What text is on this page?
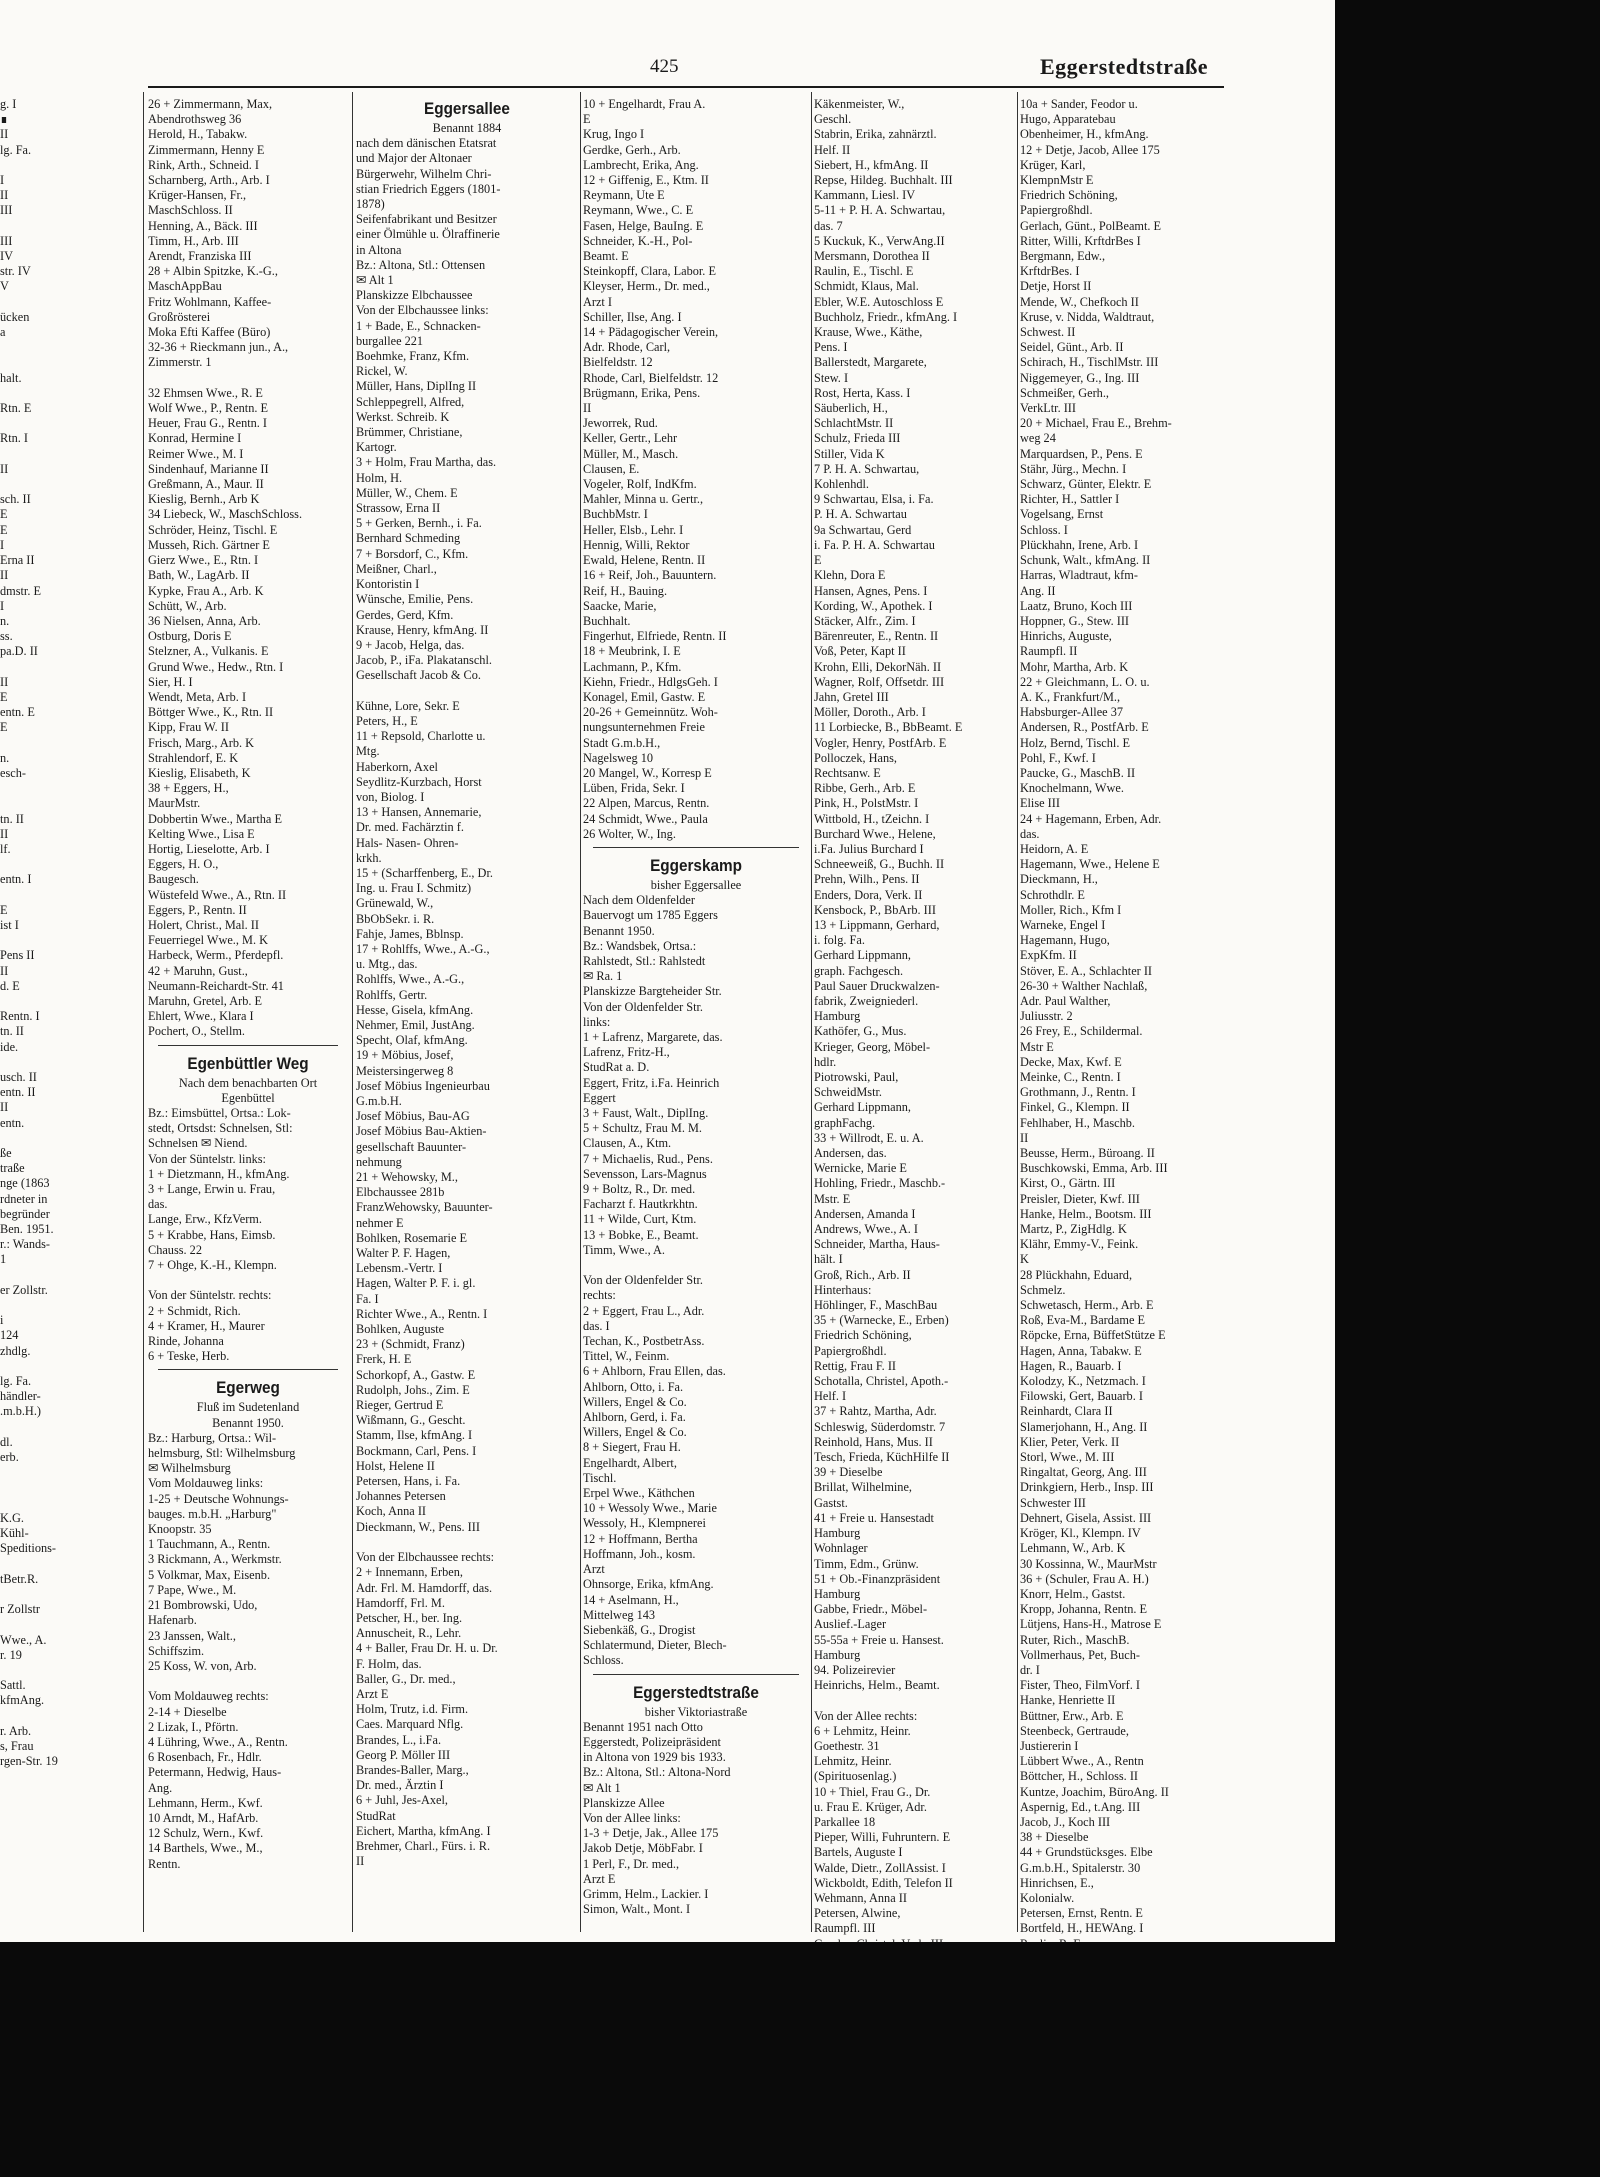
425	Eggerstedtstraße
g. I
∎
II
lg. Fa.

I
II
III

III
IV
str. IV
V

ücken
a

halt.

Rtn. E

Rtn. I

II

sch. II
E
E
I
Erna II
II
dmstr. E
I
n.
ss.
pa.D. II

II
E
entn. E
E

n.
esch-

tn. II
II
lf.

entn. I

E
ist I

Pens II
II
d. E

Rentn. I
tn. II
ide.

usch. II
entn. II
II
entn.

ße
traße
nge (1863
rdneter in
begründer
Ben. 1951.
r.: Wands-
1

er Zollstr.

i
124
zhdlg.

lg. Fa.
händler-
.m.b.H.)

dl.
erb.

K.G.
Kühl-
Speditions-

tBetr.R.

r Zollstr

Wwe., A.
r. 19

Sattl.
kfmAng.

r. Arb.
s, Frau
rgen-Str. 19
26 + Zimmermann, Max,
Abendrothsweg 36
Herold, H., Tabakw.
Zimmermann, Henny E
Rink, Arth., Schneid. I
Scharnberg, Arth., Arb. I
Krüger-Hansen, Fr.,
MaschSchloss. II
Henning, A., Bäck. III
Timm, H., Arb. III
Arendt, Franziska III
28 + Albin Spitzke, K.-G.,
MaschAppBau
Fritz Wohlmann, Kaffee-
Großrösterei
Moka Efti Kaffee (Büro)
32-36 + Rieckmann jun., A.,
Zimmerstr. 1

32 Ehmsen Wwe., R. E
Wolf Wwe., P., Rentn. E
Heuer, Frau G., Rentn. I
Konrad, Hermine I
Reimer Wwe., M. I
Sindenhauf, Marianne II
Greßmann, A., Maur. II
Kieslig, Bernh., Arb K
34 Liebeck, W., MaschSchloss.
Schröder, Heinz, Tischl. E
Musseh, Rich. Gärtner E
Gierz Wwe., E., Rtn. I
Bath, W., LagArb. II
Kypke, Frau A., Arb. K
Schütt, W., Arb.
36 Nielsen, Anna, Arb.
Ostburg, Doris E
Stelzner, A., Vulkanis. E
Grund Wwe., Hedw., Rtn. I
Sier, H. I
Wendt, Meta, Arb. I
Böttger Wwe., K., Rtn. II
Kipp, Frau W. II
Frisch, Marg., Arb. K
Strahlendorf, E. K
Kieslig, Elisabeth, K
38 + Eggers, H.,
MaurMstr.
Dobbertin Wwe., Martha E
Kelting Wwe., Lisa E
Hortig, Lieselotte, Arb. I
Eggers, H. O.,
Baugesch.
Wüstefeld Wwe., A., Rtn. II
Eggers, P., Rentn. II
Holert, Christ., Mal. II
Feuerriegel Wwe., M. K
Harbeck, Werm., Pferdepfl.
42 + Maruhn, Gust.,
Neumann-Reichardt-Str. 41
Maruhn, Gretel, Arb. E
Ehlert, Wwe., Klara I
Pochert, O., Stellm.
Egenbüttler Weg
Nach dem benachbarten Ort
Egenbüttel
Bz.: Eimsbüttel, Ortsa.: Lok-
stedt, Ortsdst: Schnelsen, Stl:
Schnelsen ✉ Niend.
Von der Süntelstr. links:
1 + Dietzmann, H., kfmAng.
3 + Lange, Erwin u. Frau,
das.
Lange, Erw., KfzVerm.
5 + Krabbe, Hans, Eimsb.
Chauss. 22
7 + Ohge, K.-H., Klempn.

Von der Süntelstr. rechts:
2 + Schmidt, Rich.
4 + Kramer, H., Maurer
Rinde, Johanna
6 + Teske, Herb.
Egerweg
Fluß im Sudetenland
Benannt 1950.
Bz.: Harburg, Ortsa.: Wil-
helmsburg, Stl: Wilhelmsburg
✉ Wilhelmsburg
Vom Moldauweg links:
1-25 + Deutsche Wohnungs-
bauges. m.b.H. „Harburg"
Knoopstr. 35
1 Tauchmann, A., Rentn.
3 Rickmann, A., Werkmstr.
5 Volkmar, Max, Eisenb.
7 Pape, Wwe., M.
21 Bombrowski, Udo,
Hafenarb.
23 Janssen, Walt.,
Schiffszim.
25 Koss, W. von, Arb.

Vom Moldauweg rechts:
2-14 + Dieselbe
2 Lizak, I., Pförtn.
4 Lühring, Wwe., A., Rentn.
6 Rosenbach, Fr., Hdlr.
Petermann, Hedwig, Haus-
Ang.
Lehmann, Herm., Kwf.
10 Arndt, M., HafArb.
12 Schulz, Wern., Kwf.
14 Barthels, Wwe., M.,
Rentn.
Eggersallee
Benannt 1884
nach dem dänischen Etatsrat
und Major der Altonaer
Bürgerwehr, Wilhelm Chri-
stian Friedrich Eggers (1801-
1878)
Seifenfabrikant und Besitzer
einer Ölmühle u. Ölraffinerie
in Altona
Bz.: Altona, Stl.: Ottensen
✉ Alt 1
Planskizze Elbchaussee
Von der Elbchaussee links:
1 + Bade, E., Schnacken-
burgallee 221
Boehmke, Franz, Kfm.
Rickel, W.
Müller, Hans, DiplIng II
Schleppegrell, Alfred,
Werkst. Schreib. K
Brümmer, Christiane,
Kartogr.
3 + Holm, Frau Martha, das.
Holm, H.
Müller, W., Chem. E
Strassow, Erna II
5 + Gerken, Bernh., i. Fa.
Bernhard Schmeding
7 + Borsdorf, C., Kfm.
Meißner, Charl.,
Kontoristin I
Wünsche, Emilie, Pens.
Gerdes, Gerd, Kfm.
Krause, Henry, kfmAng. II
9 + Jacob, Helga, das.
Jacob, P., iFa. Plakatanschl.
Gesellschaft Jacob & Co.

Kühne, Lore, Sekr. E
Peters, H., E
11 + Repsold, Charlotte u.
Mtg.
Haberkorn, Axel
Seydlitz-Kurzbach, Horst
von, Biolog. I
13 + Hansen, Annemarie,
Dr. med. Fachärztin f.
Hals- Nasen- Ohren-
krkh.
15 + (Scharffenberg, E., Dr.
Ing. u. Frau I. Schmitz)
Grünewald, W.,
BbObSekr. i. R.
Fahje, James, Bblnsp.
17 + Rohlffs, Wwe., A.-G.,
u. Mtg., das.
Rohlffs, Wwe., A.-G.,
Rohlffs, Gertr.
Hesse, Gisela, kfmAng.
Nehmer, Emil, JustAng.
Specht, Olaf, kfmAng.
19 + Möbius, Josef,
Meistersingerweg 8
Josef Möbius Ingenieurbau
G.m.b.H.
Josef Möbius, Bau-AG
Josef Möbius Bau-Aktien-
gesellschaft Bauunter-
nehmung
21 + Wehowsky, M.,
Elbchaussee 281b
FranzWehowsky, Bauunter-
nehmer E
Bohlken, Rosemarie E
Walter P. F. Hagen,
Lebensm.-Vertr. I
Hagen, Walter P. F. i. gl.
Fa. I
Richter Wwe., A., Rentn. I
Bohlken, Auguste
23 + (Schmidt, Franz)
Frerk, H. E
Schorkopf, A., Gastw. E
Rudolph, Johs., Zim. E
Rieger, Gertrud E
Wißmann, G., Gescht.
Stamm, Ilse, kfmAng. I
Bockmann, Carl, Pens. I
Holst, Helene II
Petersen, Hans, i. Fa.
Johannes Petersen
Koch, Anna II
Dieckmann, W., Pens. III

Von der Elbchaussee rechts:
2 + Innemann, Erben,
Adr. Frl. M. Hamdorff, das.
Hamdorff, Frl. M.
Petscher, H., ber. Ing.
Annuscheit, R., Lehr.
4 + Baller, Frau Dr. H. u. Dr.
F. Holm, das.
Baller, G., Dr. med.,
Arzt E
Holm, Trutz, i.d. Firm.
Caes. Marquard Nflg.
Brandes, L., i.Fa.
Georg P. Möller III
Brandes-Baller, Marg.,
Dr. med., Ärztin I
6 + Juhl, Jes-Axel,
StudRat
Eichert, Martha, kfmAng. I
Brehmer, Charl., Fürs. i. R.
II
10 + Engelhardt, Frau A.
E
Krug, Ingo I
Gerdke, Gerh., Arb.
Lambrecht, Erika, Ang.
12 + Giffenig, E., Ktm. II
Reymann, Ute E
Reymann, Wwe., C. E
Fasen, Helge, BauIng. E
Schneider, K.-H., Pol-
Beamt. E
Steinkopff, Clara, Labor. E
Kleyser, Herm., Dr. med.,
Arzt I
Schiller, Ilse, Ang. I
14 + Pädagogischer Verein,
Adr. Rhode, Carl,
Bielfeldstr. 12
Rhode, Carl, Bielfeldstr. 12
Brügmann, Erika, Pens.
II
Jeworrek, Rud.
Keller, Gertr., Lehr
Müller, M., Masch.
Clausen, E.
Vogeler, Rolf, IndKfm.
Mahler, Minna u. Gertr.,
BuchbMstr. I
Heller, Elsb., Lehr. I
Hennig, Willi, Rektor
Ewald, Helene, Rentn. II
16 + Reif, Joh., Bauuntern.
Reif, H., Bauing.
Saacke, Marie,
Buchhalt.
Fingerhut, Elfriede, Rentn. II
18 + Meubrink, I. E
Lachmann, P., Kfm.
Kiehn, Friedr., HdlgsGeh. I
Konagel, Emil, Gastw. E
20-26 + Gemeinnütz. Woh-
nungsunternehmen Freie
Stadt G.m.b.H.,
Nagelsweg 10
20 Mangel, W., Korresp E
Lüben, Frida, Sekr. I
22 Alpen, Marcus, Rentn.
24 Schmidt, Wwe., Paula
26 Wolter, W., Ing.
Eggerskamp
bisher Eggersallee
Nach dem Oldenfelder
Bauervogt um 1785 Eggers
Benannt 1950.
Bz.: Wandsbek, Ortsa.:
Rahlstedt, Stl.: Rahlstedt
✉ Ra. 1
Planskizze Bargteheider Str.
Von der Oldenfelder Str.
links:
1 + Lafrenz, Margarete, das.
Lafrenz, Fritz-H.,
StudRat a. D.
Eggert, Fritz, i.Fa. Heinrich
Eggert
3 + Faust, Walt., DiplIng.
5 + Schultz, Frau M. M.
Clausen, A., Ktm.
7 + Michaelis, Rud., Pens.
Sevensson, Lars-Magnus
9 + Boltz, R., Dr. med.
Facharzt f. Hautkrkhtn.
11 + Wilde, Curt, Ktm.
13 + Bobke, E., Beamt.
Timm, Wwe., A.

Von der Oldenfelder Str.
rechts:
2 + Eggert, Frau L., Adr.
das. I
Techan, K., PostbetrAss.
Tittel, W., Feinm.
6 + Ahlborn, Frau Ellen, das.
Ahlborn, Otto, i. Fa.
Willers, Engel & Co.
Ahlborn, Gerd, i. Fa.
Willers, Engel & Co.
8 + Siegert, Frau H.
Engelhardt, Albert,
Tischl.
Erpel Wwe., Käthchen
10 + Wessoly Wwe., Marie
Wessoly, H., Klempnerei
12 + Hoffmann, Bertha
Hoffmann, Joh., kosm.
Arzt
Ohnsorge, Erika, kfmAng.
14 + Aselmann, H.,
Mittelweg 143
Siebenkäß, G., Drogist
Schlatermund, Dieter, Blech-
Schloss.
Eggerstedtstraße
bisher Viktoriastraße
Benannt 1951 nach Otto
Eggerstedt, Polizeipräsident
in Altona von 1929 bis 1933.
Bz.: Altona, Stl.: Altona-Nord
✉ Alt 1
Planskizze Allee
Von der Allee links:
1-3 + Detje, Jak., Allee 175
Jakob Detje, MöbFabr. I
1 Perl, F., Dr. med.,
Arzt E
Grimm, Helm., Lackier. I
Simon, Walt., Mont. I
Käkenmeister, W.,
Geschl.
Stabrin, Erika, zahnärztl.
Helf. II
Siebert, H., kfmAng. II
Repse, Hildeg. Buchhalt. III
Kammann, Liesl. IV
5-11 + P. H. A. Schwartau,
das. 7
5 Kuckuk, K., VerwAng.II
Mersmann, Dorothea II
Raulin, E., Tischl. E
Schmidt, Klaus, Mal.
Ebler, W.E. Autoschloss E
Buchholz, Friedr., kfmAng. I
Krause, Wwe., Käthe,
Pens. I
Ballerstedt, Margarete,
Stew. I
Rost, Herta, Kass. I
Säuberlich, H.,
SchlachtMstr. II
Schulz, Frieda III
Stiller, Vida K
7 P. H. A. Schwartau,
Kohlenhdl.
9 Schwartau, Elsa, i. Fa.
P. H. A. Schwartau
9a Schwartau, Gerd
i. Fa. P. H. A. Schwartau
E
Klehn, Dora E
Hansen, Agnes, Pens. I
Kording, W., Apothek. I
Stäcker, Alfr., Zim. I
Bärenreuter, E., Rentn. II
Voß, Peter, Kapt II
Krohn, Elli, DekorNäh. II
Wagner, Rolf, Offsetdr. III
Jahn, Gretel III
Möller, Doroth., Arb. I
11 Lorbiecke, B., BbBeamt. E
Vogler, Henry, PostfArb. E
Polloczek, Hans,
Rechtsanw. E
Ribbe, Gerh., Arb. E
Pink, H., PolstMstr. I
Wittbold, H., tZeichn. I
Burchard Wwe., Helene,
i.Fa. Julius Burchard I
Schneeweiß, G., Buchh. II
Prehn, Wilh., Pens. II
Enders, Dora, Verk. II
Kensbock, P., BbArb. III
13 + Lippmann, Gerhard,
i. folg. Fa.
Gerhard Lippmann,
graph. Fachgesch.
Paul Sauer Druckwalzen-
fabrik, Zweigniederl.
Hamburg
Kathöfer, G., Mus.
Krieger, Georg, Möbel-
hdlr.
Piotrowski, Paul,
SchweidMstr.
Gerhard Lippmann,
graphFachg.
33 + Willrodt, E. u. A.
Andersen, das.
Wernicke, Marie E
Hohling, Friedr., Maschb.-
Mstr. E
Andersen, Amanda I
Andrews, Wwe., A. I
Schneider, Martha, Haus-
hält. I
Groß, Rich., Arb. II
Hinterhaus:
Höhlinger, F., MaschBau
35 + (Warnecke, E., Erben)
Friedrich Schöning,
Papiergroßhdl.
Rettig, Frau F. II
Schotalla, Christel, Apoth.-
Helf. I
37 + Rahtz, Martha, Adr.
Schleswig, Süderdomstr. 7
Reinhold, Hans, Mus. II
Tesch, Frieda, KüchHilfe II
39 + Dieselbe
Brillat, Wilhelmine,
Gastst.
41 + Freie u. Hansestadt
Hamburg
Wohnlager
Timm, Edm., Grünw.
51 + Ob.-Finanzpräsident
Hamburg
Gabbe, Friedr., Möbel-
Auslief.-Lager
55-55a + Freie u. Hansest.
Hamburg
94. Polizeirevier
Heinrichs, Helm., Beamt.

Von der Allee rechts:
6 + Lehmitz, Heinr.
Goethestr. 31
Lehmitz, Heinr.
(Spirituosenlag.)
10 + Thiel, Frau G., Dr.
u. Frau E. Krüger, Adr.
Parkallee 18
Pieper, Willi, Fuhruntern. E
Bartels, Auguste I
Walde, Dietr., ZollAssist. I
Wickboldt, Edith, Telefon II
Wehmann, Anna II
Petersen, Alwine,
Raumpfl. III
10a + Sander, Feodor u.
Hugo, Apparatebau
Obenheimer, H., kfmAng.
12 + Detje, Jacob, Allee 175
Krüger, Karl,
KlempnMstr E
Friedrich Schöning,
Papiergroßhdl.
Gerlach, Günt., PolBeamt. E
Ritter, Willi, KrftdrBes I
Bergmann, Edw.,
KrftdrBes. I
Detje, Horst II
Mende, W., Chefkoch II
Kruse, v. Nidda, Waldtraut,
Schwest. II
Seidel, Günt., Arb. II
Schirach, H., TischlMstr. III
Niggemeyer, G., Ing. III
Schmeißer, Gerh.,
VerkLtr. III
20 + Michael, Frau E., Brehm-
weg 24
Marquardsen, P., Pens. E
Stähr, Jürg., Mechn. I
Schwarz, Günter, Elektr. E
Richter, H., Sattler I
Vogelsang, Ernst
Schloss. I
Plückhahn, Irene, Arb. I
Schunk, Walt., kfmAng. II
Harras, Wladtraut, kfm-
Ang. II
Laatz, Bruno, Koch III
Hoppner, G., Stew. III
Hinrichs, Auguste,
Raumpfl. II
Mohr, Martha, Arb. K
22 + Gleichmann, L. O. u.
A. K., Frankfurt/M.,
Habsburger-Allee 37
Andersen, R., PostfArb. E
Holz, Bernd, Tischl. E
Pohl, F., Kwf. I
Paucke, G., MaschB. II
Knochelmann, Wwe.
Elise III
24 + Hagemann, Erben, Adr.
das.
Heidorn, A. E
Hagemann, Wwe., Helene E
Dieckmann, H.,
Schrothdlr. E
Moller, Rich., Kfm I
Warneke, Engel I
Hagemann, Hugo,
ExpKfm. II
Stöver, E. A., Schlachter II
26-30 + Walther Nachlaß,
Adr. Paul Walther,
Juliusstr. 2
26 Frey, E., Schildermal.
Mstr E
Decke, Max, Kwf. E
Meinke, C., Rentn. I
Grothmann, J., Rentn. I
Finkel, G., Klempn. II
Fehlhaber, H., Maschb.
II
Beusse, Herm., Büroang. II
Buschkowski, Emma, Arb. III
Kirst, O., Gärtn. III
Preisler, Dieter, Kwf. III
Hanke, Helm., Bootsm. III
Martz, P., ZigHdlg. K
Klähr, Emmy-V., Feink.
K
28 Plückhahn, Eduard,
Schmelz.
Schwetasch, Herm., Arb. E
Roß, Eva-M., Bardame E
Röpcke, Erna, BüffetStütze E
Hagen, Anna, Tabakw. E
Hagen, R., Bauarb. I
Kolodzy, K., Netzmach. I
Filowski, Gert, Bauarb. I
Reinhardt, Clara II
Slamerjohann, H., Ang. II
Klier, Peter, Verk. II
Storl, Wwe., M. III
Ringaltat, Georg, Ang. III
Drinkgiern, Herb., Insp. III
Schwester III
Dehnert, Gisela, Assist. III
Kröger, Kl., Klempn. IV
Lehmann, W., Arb. K
30 Kossinna, W., MaurMstr
36 + (Schuler, Frau A. H.)
Knorr, Helm., Gastst.
Kropp, Johanna, Rentn. E
Lütjens, Hans-H., Matrose E
Ruter, Rich., MaschB.
Vollmerhaus, Pet, Buch-
dr. I
Fister, Theo, FilmVorf. I
Hanke, Henriette II
Büttner, Erw., Arb. E
Steenbeck, Gertraude,
Justiererin I
Lübbert Wwe., A., Rentn
Böttcher, H., Schloss. II
Kuntze, Joachim, BüroAng. II
Aspernig, Ed., t.Ang. III
Jacob, J., Koch III
38 + Dieselbe
44 + Grundstücksges. Elbe
G.m.b.H., Spitalerstr. 30
Hinrichsen, E.,
Kolonialw.
Petersen, Ernst, Rentn. E
Bortfeld, H., HEWAng. I
